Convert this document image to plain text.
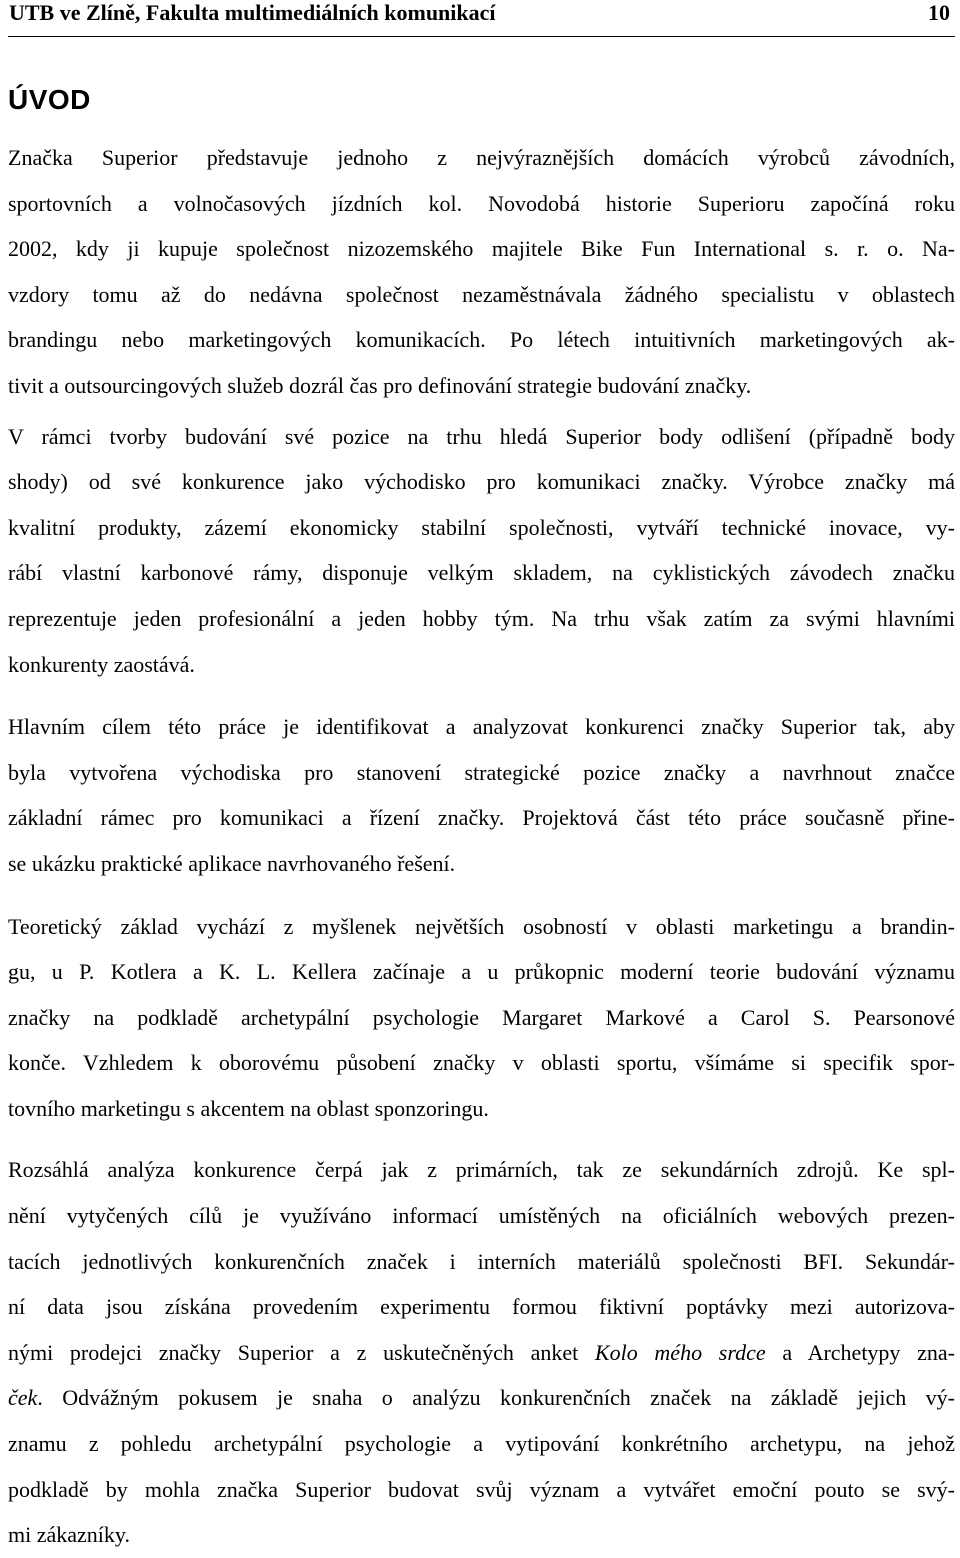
UTB ve Zlíně, Fakulta multimediálních komunikací	10
ÚVOD
Značka Superior představuje jednoho z nejvýraznějších domácích výrobců závodních,
sportovních a volnočasových jízdních kol. Novodobá historie Superioru započíná roku
2002, kdy ji kupuje společnost nizozemského majitele Bike Fun International s. r. o. Na-
vzdory tomu až do nedávna společnost nezaměstnávala žádného specialistu v oblastech
brandingu nebo marketingových komunikacích. Po létech intuitivních marketingových ak-
tivit a outsourcingových služeb dozrál čas pro definování strategie budování značky.
V rámci tvorby budování své pozice na trhu hledá Superior body odlišení (případně body
shody) od své konkurence jako východisko pro komunikaci značky. Výrobce značky má
kvalitní produkty, zázemí ekonomicky stabilní společnosti, vytváří technické inovace, vy-
rábí vlastní karbonové rámy, disponuje velkým skladem, na cyklistických závodech značku
reprezentuje jeden profesionální a jeden hobby tým. Na trhu však zatím za svými hlavními
konkurenty zaostává.
Hlavním cílem této práce je identifikovat a analyzovat konkurenci značky Superior tak, aby
byla vytvořena východiska pro stanovení strategické pozice značky a navrhnout značce
základní rámec pro komunikaci a řízení značky. Projektová část této práce současně přine-
se ukázku praktické aplikace navrhovaného řešení.
Teoretický základ vychází z myšlenek největších osobností v oblasti marketingu a brandin-
gu, u P. Kotlera a K. L. Kellera začínaje a u průkopnic moderní teorie budování významu
značky na podkladě archetypální psychologie Margaret Markové a Carol S. Pearsonové
konče. Vzhledem k oborovému působení značky v oblasti sportu, všímáme si specifik spor-
tovního marketingu s akcentem na oblast sponzoringu.
Rozsáhlá analýza konkurence čerpá jak z primárních, tak ze sekundárních zdrojů. Ke spl-
nění vytyčených cílů je využíváno informací umístěných na oficiálních webových prezen-
tacích jednotlivých konkurenčních značek i interních materiálů společnosti BFI. Sekundár-
ní data jsou získána provedením experimentu formou fiktivní poptávky mezi autorizova-
nými prodejci značky Superior a z uskutečněných anket Kolo mého srdce a Archetypy zna-
ček. Odvážným pokusem je snaha o analýzu konkurenčních značek na základě jejich vý-
znamu z pohledu archetypální psychologie a vytipování konkrétního archetypu, na jehož
podkladě by mohla značka Superior budovat svůj význam a vytvářet emoční pouto se svý-
mi zákazníky.
